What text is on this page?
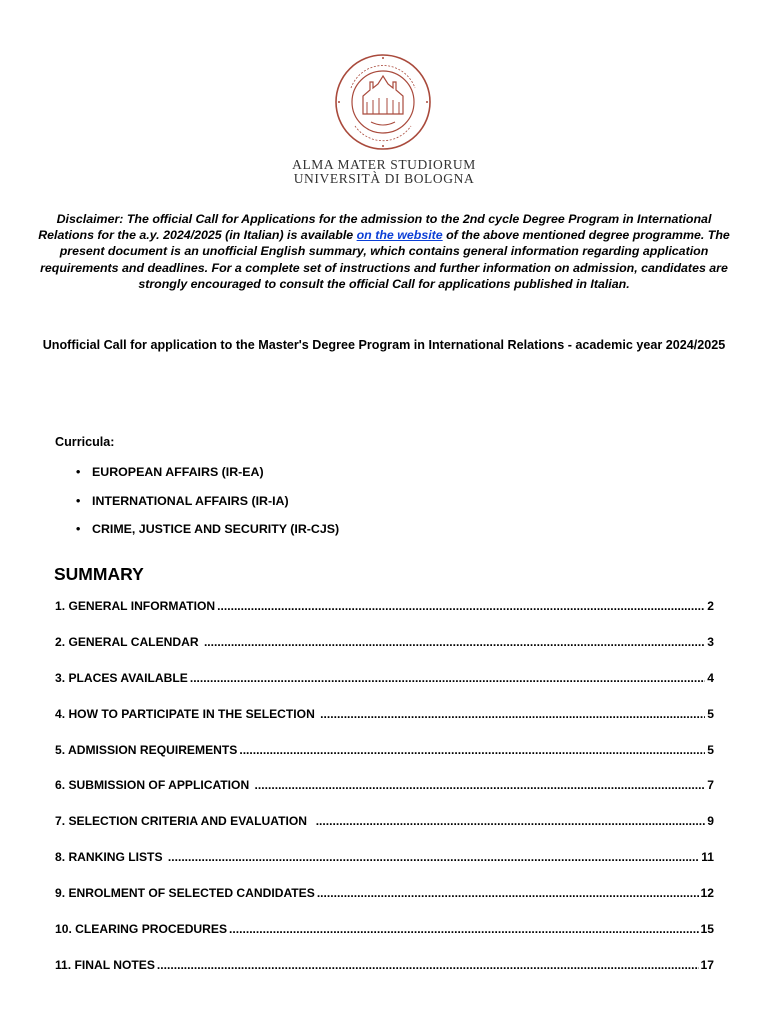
ALMA MATER STUDIORUM
UNIVERSITÀ DI BOLOGNA
Disclaimer: The official Call for Applications for the admission to the 2nd cycle Degree Program in International Relations for the a.y. 2024/2025 (in Italian) is available on the website of the above mentioned degree programme. The present document is an unofficial English summary, which contains general information regarding application requirements and deadlines. For a complete set of instructions and further information on admission, candidates are strongly encouraged to consult the official Call for applications published in Italian.
Unofficial Call for application to the Master's Degree Program in International Relations - academic year 2024/2025
Curricula:
• EUROPEAN AFFAIRS (IR-EA)
• INTERNATIONAL AFFAIRS (IR-IA)
• CRIME, JUSTICE AND SECURITY (IR-CJS)
SUMMARY
1. GENERAL INFORMATION .....	2
2. GENERAL CALENDAR .....	3
3. PLACES AVAILABLE .....	4
4. HOW TO PARTICIPATE IN THE SELECTION .....	5
5. ADMISSION REQUIREMENTS .....	5
6. SUBMISSION OF APPLICATION .....	7
7. SELECTION CRITERIA AND EVALUATION .....	9
8. RANKING LISTS .....	11
9. ENROLMENT OF SELECTED CANDIDATES .....	12
10. CLEARING PROCEDURES .....	15
11. FINAL NOTES .....	17
